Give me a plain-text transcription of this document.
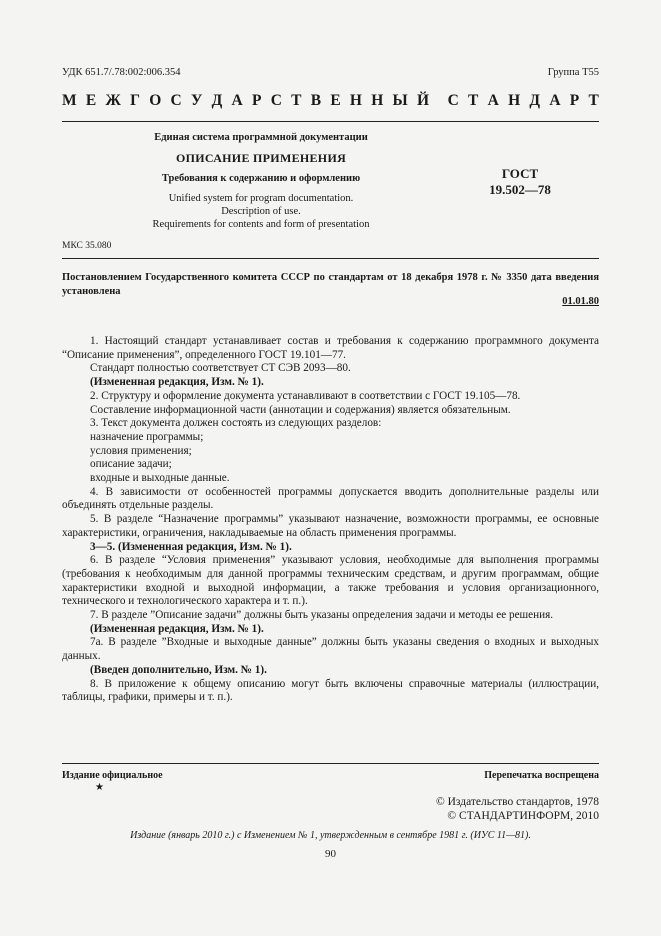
УДК 651.7/.78:002:006.354	Группа Т55
М Е Ж Г О С У Д А Р С Т В Е Н Н Ы Й С Т А Н Д А Р Т
Единая система программной документации
ОПИСАНИЕ ПРИМЕНЕНИЯ
Требования к содержанию и оформлению
Unified system for program documentation.
Description of use.
Requirements for contents and form of presentation
ГОСТ
19.502—78
МКС 35.080
Постановлением Государственного комитета СССР по стандартам от 18 декабря 1978 г. № 3350 дата введения установлена
01.01.80

1. Настоящий стандарт устанавливает состав и требования к содержанию программного документа “Описание применения”, определенного ГОСТ 19.101—77.

Стандарт полностью соответствует СТ СЭВ 2093—80.

(Измененная редакция, Изм. № 1).

2. Структуру и оформление документа устанавливают в соответствии с ГОСТ 19.105—78.

Составление информационной части (аннотации и содержания) является обязательным.

3. Текст документа должен состоять из следующих разделов:

назначение программы;

условия применения;

описание задачи;

входные и выходные данные.

4. В зависимости от особенностей программы допускается вводить дополнительные разделы или объединять отдельные разделы.

5. В разделе “Назначение программы” указывают назначение, возможности программы, ее основные характеристики, ограничения, накладываемые на область применения программы.

3—5. (Измененная редакция, Изм. № 1).

6. В разделе “Условия применения” указывают условия, необходимые для выполнения программы (требования к необходимым для данной программы техническим средствам, и другим программам, общие характеристики входной и выходной информации, а также требования и условия организационного, технического и технологического характера и т. п.).

7. В разделе ”Описание задачи” должны быть указаны определения задачи и методы ее решения.

(Измененная редакция, Изм. № 1).

7а. В разделе ”Входные и выходные данные” должны быть указаны сведения о входных и выходных данных.

(Введен дополнительно, Изм. № 1).

8. В приложение к общему описанию могут быть включены справочные материалы (иллюстрации, таблицы, графики, примеры и т. п.).

Издание официальное
★
Перепечатка воспрещена
© Издательство стандартов, 1978
© СТАНДАРТИНФОРМ, 2010
Издание (январь 2010 г.) с Изменением № 1, утвержденным в сентябре 1981 г. (ИУС 11—81).
90
